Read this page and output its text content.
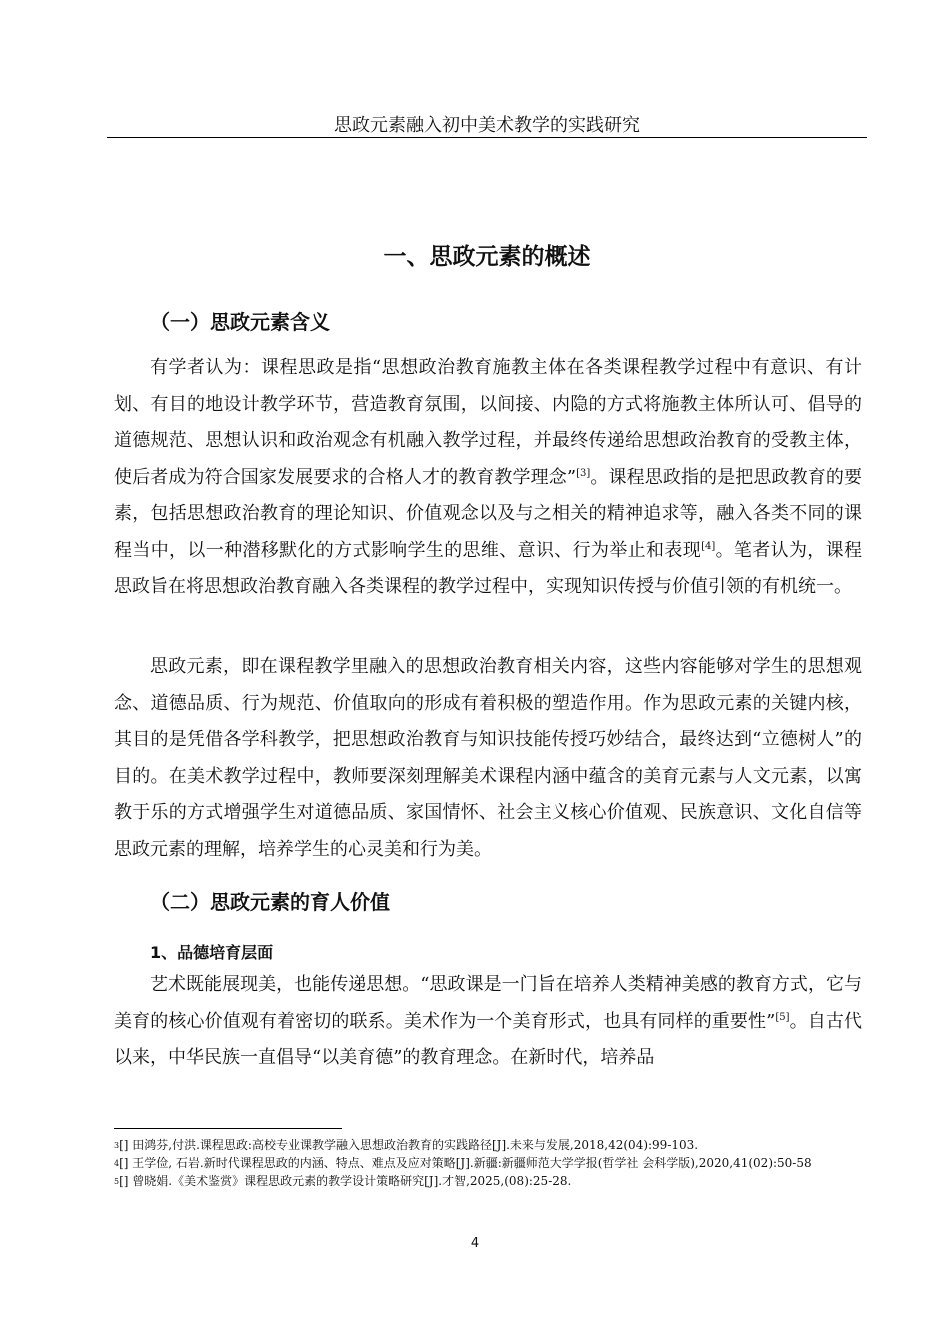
思政元素融入初中美术教学的实践研究
一、思政元素的概述
（一）思政元素含义

有学者认为：课程思政是指“思想政治教育施教主体在各类课程教学过程中有意识、有计划、有目的地设计教学环节，营造教育氛围，以间接、内隐的方式将施教主体所认可、倡导的道德规范、思想认识和政治观念有机融入教学过程，并最终传递给思想政治教育的受教主体，使后者成为符合国家发展要求的合格人才的教育教学理念”[3]。课程思政指的是把思政教育的要素，包括思想政治教育的理论知识、价值观念以及与之相关的精神追求等，融入各类不同的课程当中，以一种潜移默化的方式影响学生的思维、意识、行为举止和表现[4]。笔者认为，课程思政旨在将思想政治教育融入各类课程的教学过程中，实现知识传授与价值引领的有机统一。

思政元素，即在课程教学里融入的思想政治教育相关内容，这些内容能够对学生的思想观念、道德品质、行为规范、价值取向的形成有着积极的塑造作用。作为思政元素的关键内核，其目的是凭借各学科教学，把思想政治教育与知识技能传授巧妙结合，最终达到“立德树人”的目的。在美术教学过程中，教师要深刻理解美术课程内涵中蕴含的美育元素与人文元素，以寓教于乐的方式增强学生对道德品质、家国情怀、社会主义核心价值观、民族意识、文化自信等思政元素的理解，培养学生的心灵美和行为美。

（二）思政元素的育人价值
1、品德培育层面

艺术既能展现美，也能传递思想。“思政课是一门旨在培养人类精神美感的教育方式，它与美育的核心价值观有着密切的联系。美术作为一个美育形式，也具有同样的重要性”[5]。自古代以来，中华民族一直倡导“以美育德”的教育理念。在新时代，培养品

$^3$[] 田鸿芬,付洪.课程思政:高校专业课教学融入思想政治教育的实践路径[J].未来与发展,2018,42(04):99-103.

$^4$[] 王学俭, 石岩.新时代课程思政的内涵、特点、难点及应对策略[J].新疆:新疆师范大学学报(哲学社 会科学版),2020,41(02):50-58

$^5$[] 曾晓娟.《美术鉴赏》课程思政元素的教学设计策略研究[J].才智,2025,(08):25-28.

4
